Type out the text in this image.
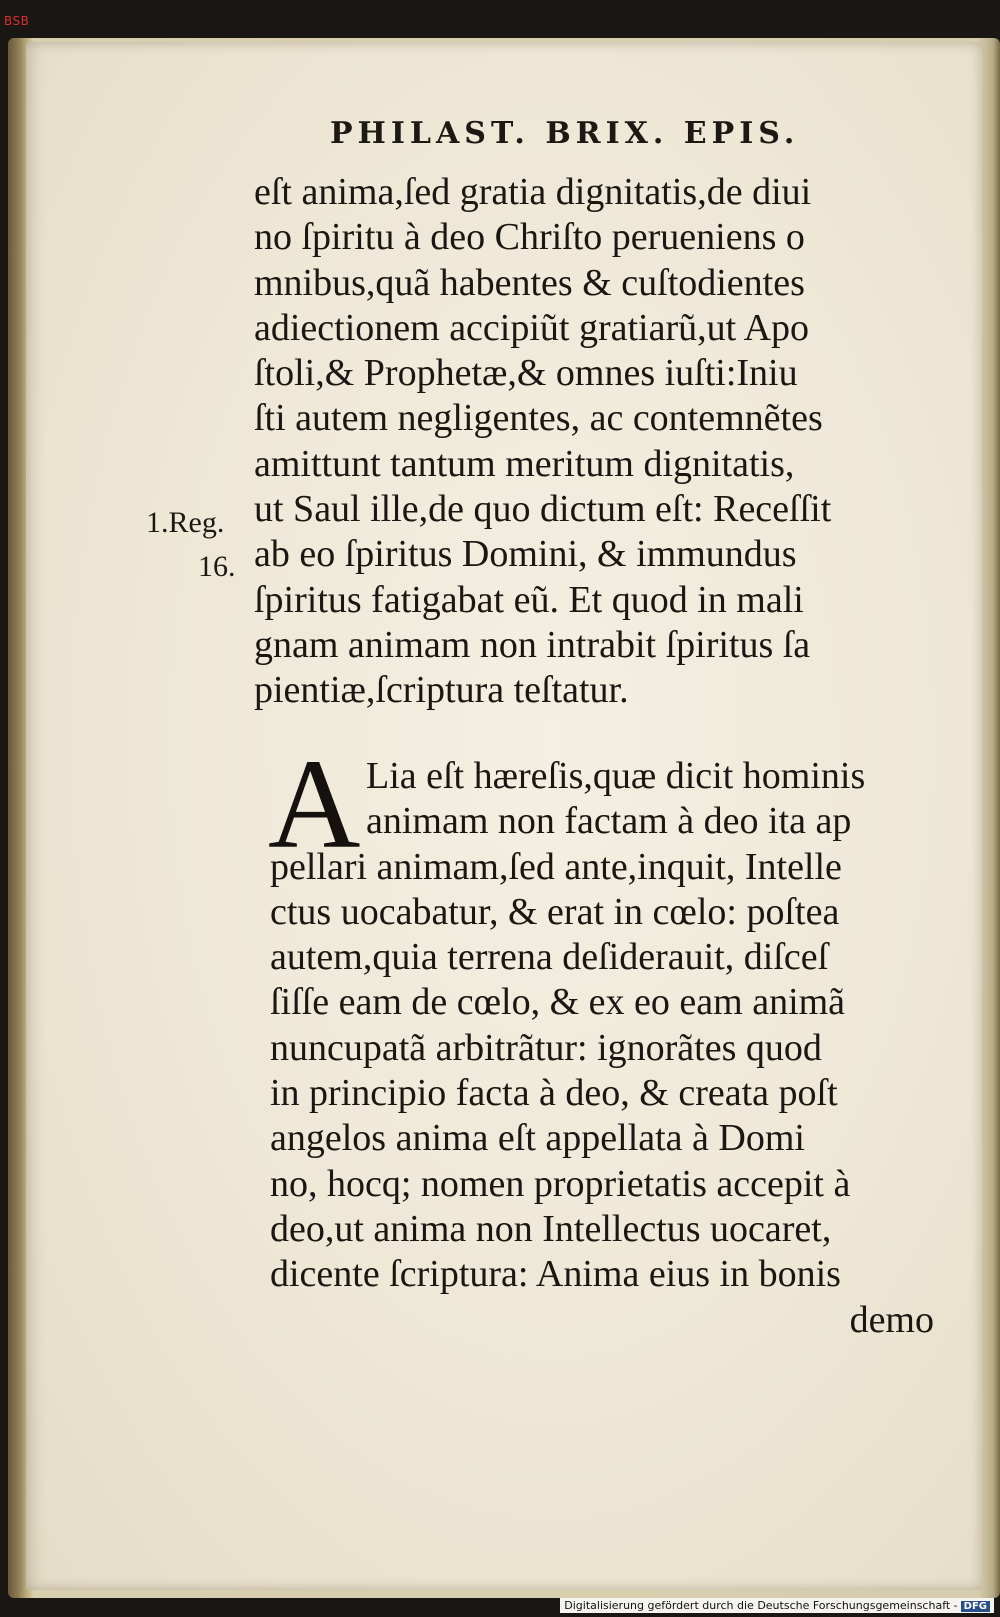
BSB
PHILAST. BRIX. EPIS.
eſt anima,ſed gratia dignitatis,de diui
no ſpiritu à deo Chriſto perueniens o
mnibus,quã habentes & cuſtodientes
adiectionem accipiũt gratiarũ,ut Apo
ſtoli,& Prophetæ,& omnes iuſti:Iniu
ſti autem negligentes, ac contemnẽtes
amittunt tantum meritum dignitatis,
ut Saul ille,de quo dictum eſt: Receſſit
ab eo ſpiritus Domini, & immundus
ſpiritus fatigabat eũ. Et quod in mali
gnam animam non intrabit ſpiritus ſa
pientiæ,ſcriptura teſtatur.
1.Reg.
16.
A Lia eſt hæreſis,quæ dicit hominis
animam non factam à deo ita ap
pellari animam,ſed ante,inquit, Intelle
ctus uocabatur, & erat in cœlo: poſtea
autem,quia terrena deſiderauit, diſceſ
ſiſſe eam de cœlo, & ex eo eam animã
nuncupatã arbitrãtur: ignorãtes quod
in principio facta à deo, & creata poſt
angelos anima eſt appellata à Domi
no, hocq; nomen proprietatis accepit à
deo,ut anima non Intellectus uocaret,
dicente ſcriptura: Anima eius in bonis
demo
Digitalisierung gefördert durch die Deutsche Forschungsgemeinschaft - DFG
